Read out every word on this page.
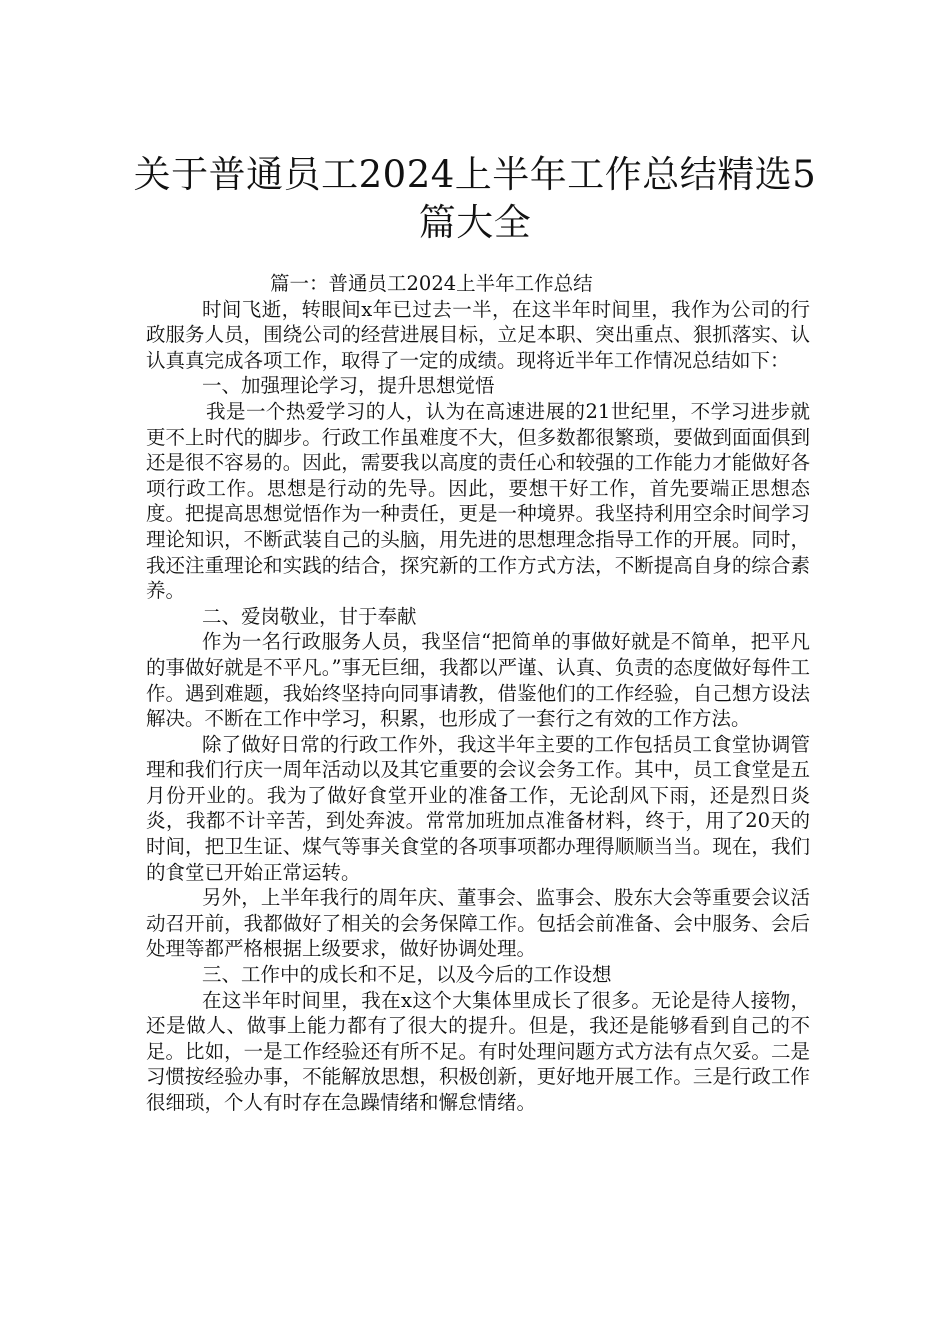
关于普通员工2024上半年工作总结精选5篇大全

篇一：普通员工2024上半年工作总结

时间飞逝，转眼间x年已过去一半，在这半年时间里，我作为公司的行政服务人员，围绕公司的经营进展目标，立足本职、突出重点、狠抓落实、认认真真完成各项工作，取得了一定的成绩。现将近半年工作情况总结如下：

一、加强理论学习，提升思想觉悟

我是一个热爱学习的人，认为在高速进展的21世纪里，不学习进步就更不上时代的脚步。行政工作虽难度不大，但多数都很繁琐，要做到面面俱到还是很不容易的。因此，需要我以高度的责任心和较强的工作能力才能做好各项行政工作。思想是行动的先导。因此，要想干好工作，首先要端正思想态度。把提高思想觉悟作为一种责任，更是一种境界。我坚持利用空余时间学习理论知识，不断武装自己的头脑，用先进的思想理念指导工作的开展。同时，我还注重理论和实践的结合，探究新的工作方式方法，不断提高自身的综合素养。

二、爱岗敬业，甘于奉献

作为一名行政服务人员，我坚信“把简单的事做好就是不简单，把平凡的事做好就是不平凡。”事无巨细，我都以严谨、认真、负责的态度做好每件工作。遇到难题，我始终坚持向同事请教，借鉴他们的工作经验，自己想方设法解决。不断在工作中学习，积累，也形成了一套行之有效的工作方法。

除了做好日常的行政工作外，我这半年主要的工作包括员工食堂协调管理和我们行庆一周年活动以及其它重要的会议会务工作。其中，员工食堂是五月份开业的。我为了做好食堂开业的准备工作，无论刮风下雨，还是烈日炎炎，我都不计辛苦，到处奔波。常常加班加点准备材料，终于，用了20天的时间，把卫生证、煤气等事关食堂的各项事项都办理得顺顺当当。现在，我们的食堂已开始正常运转。

另外，上半年我行的周年庆、董事会、监事会、股东大会等重要会议活动召开前，我都做好了相关的会务保障工作。包括会前准备、会中服务、会后处理等都严格根据上级要求，做好协调处理。

三、工作中的成长和不足，以及今后的工作设想

在这半年时间里，我在x这个大集体里成长了很多。无论是待人接物，还是做人、做事上能力都有了很大的提升。但是，我还是能够看到自己的不足。比如，一是工作经验还有所不足。有时处理问题方式方法有点欠妥。二是习惯按经验办事，不能解放思想，积极创新，更好地开展工作。三是行政工作很细琐，个人有时存在急躁情绪和懈怠情绪。
